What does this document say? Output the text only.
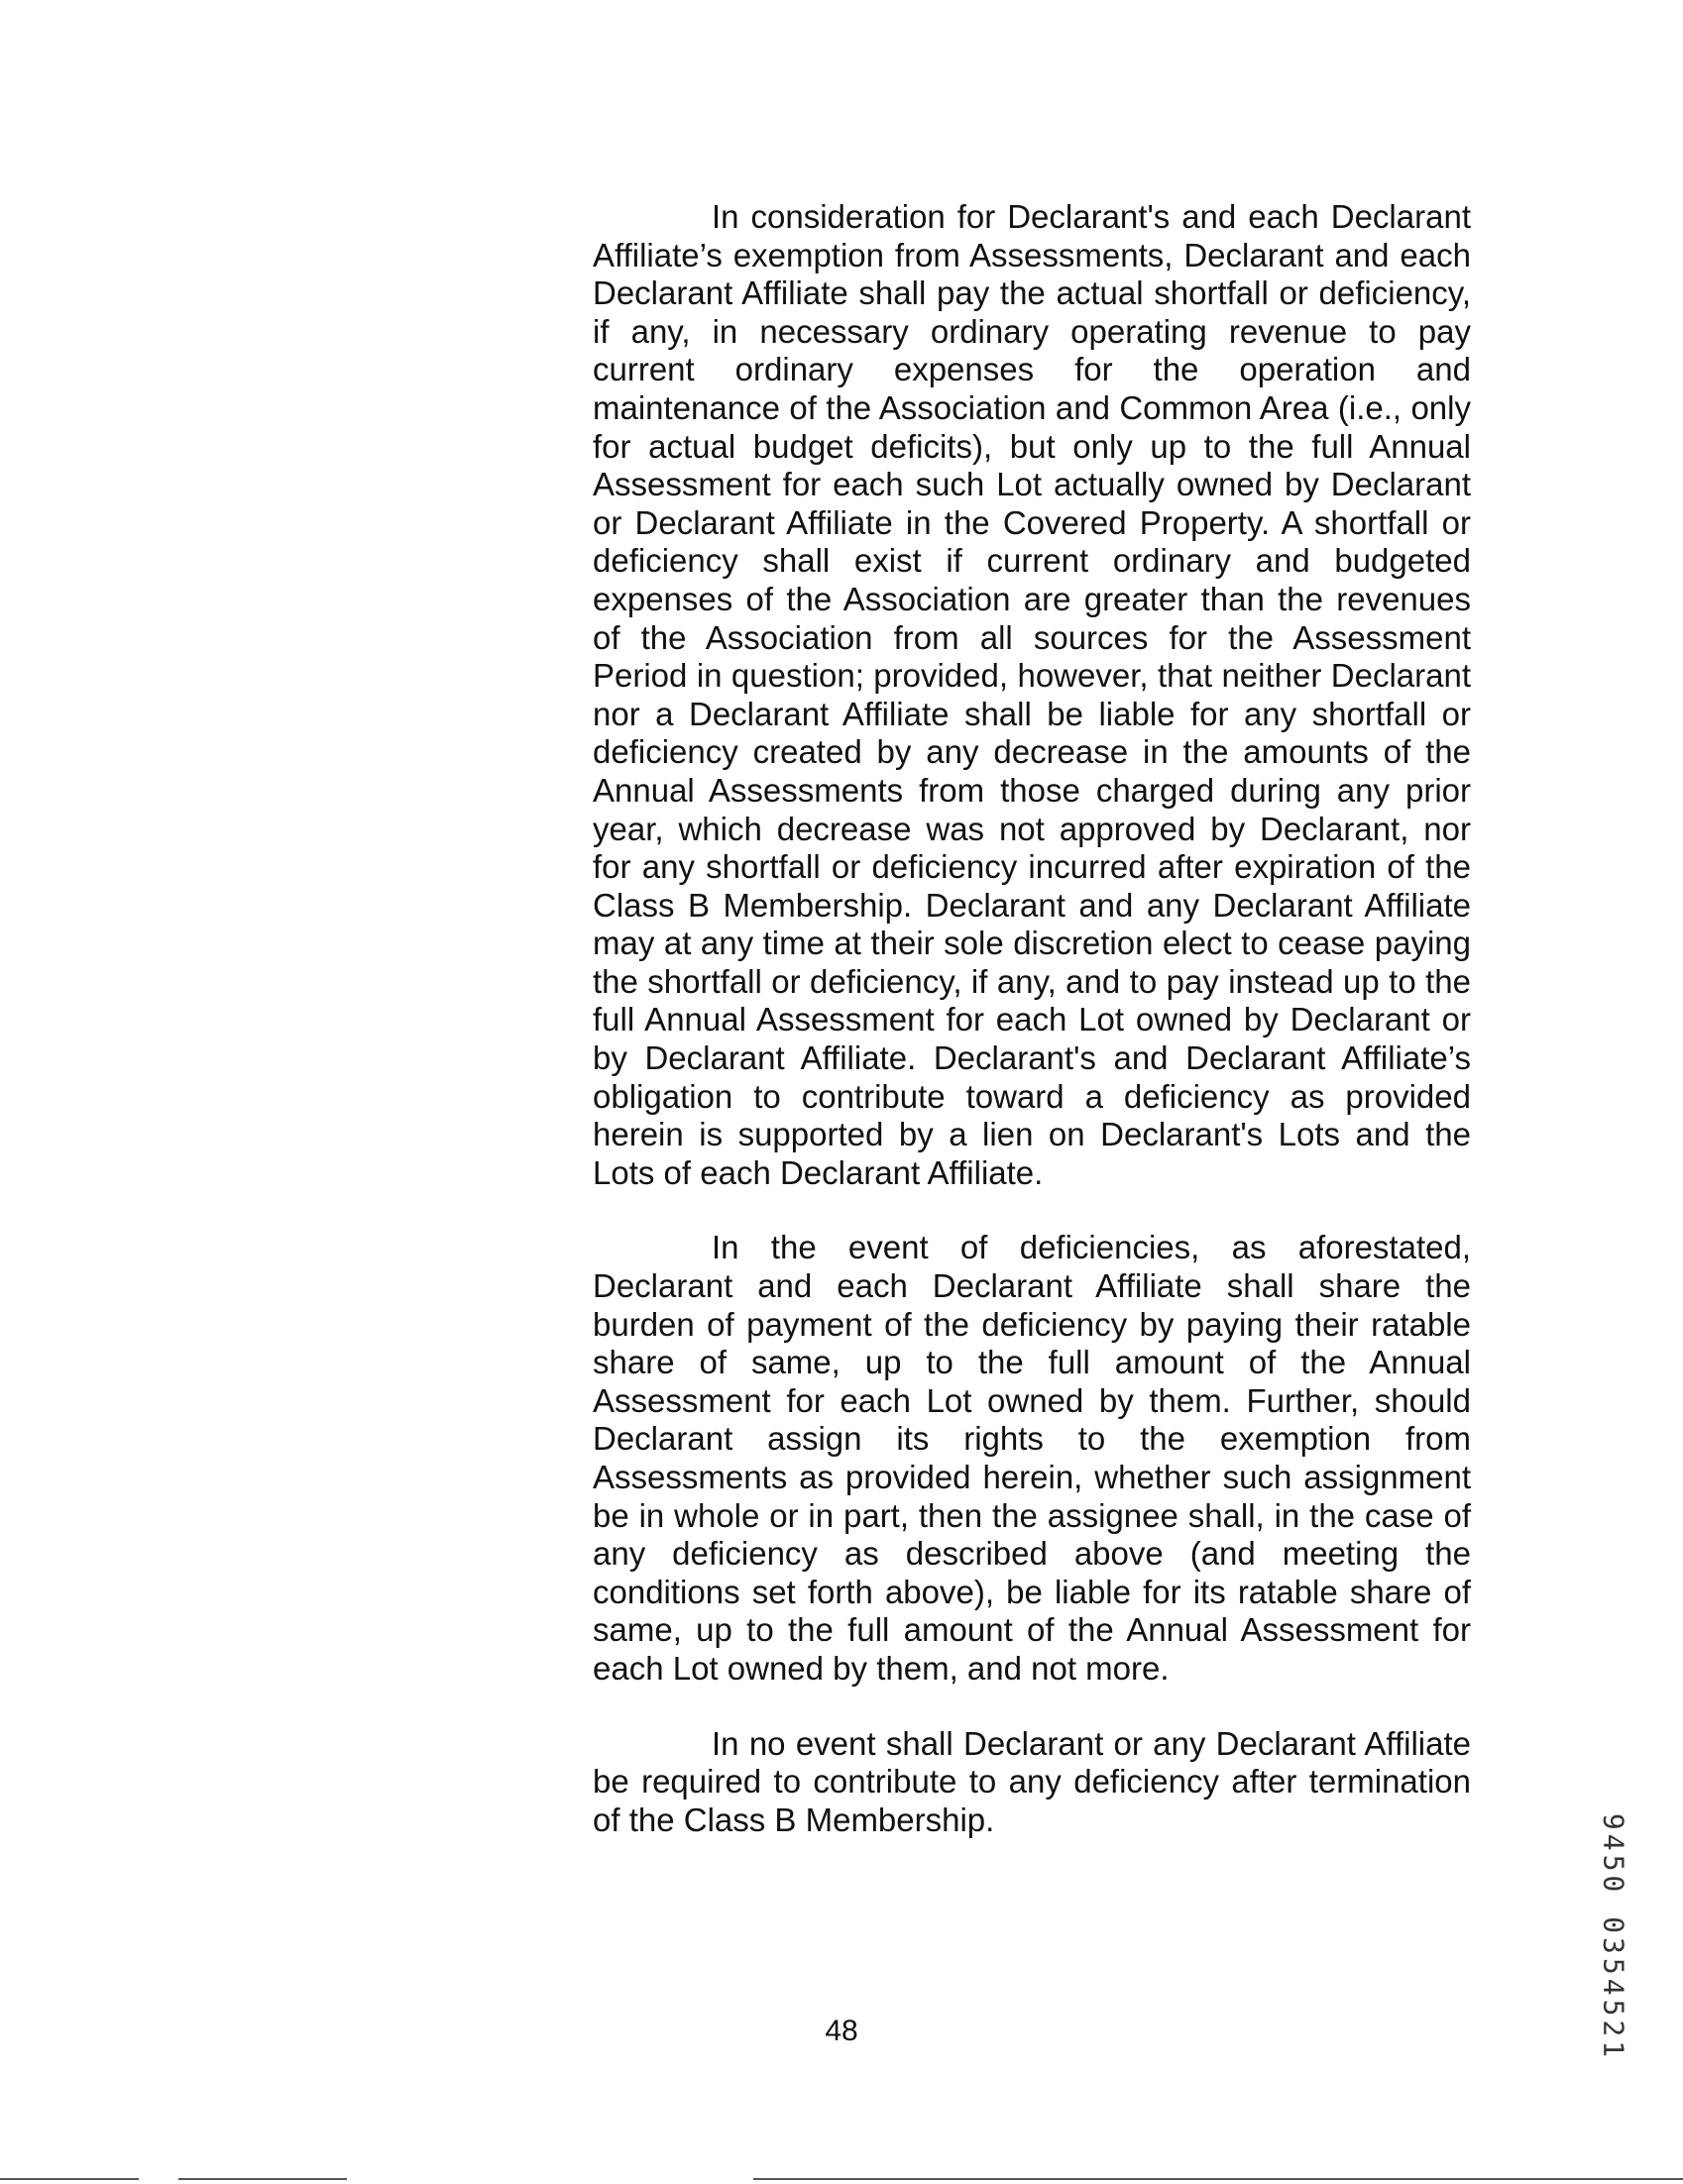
In consideration for Declarant's and each Declarant Affiliate’s exemption from Assessments, Declarant and each Declarant Affiliate shall pay the actual shortfall or deficiency, if any, in necessary ordinary operating revenue to pay current ordinary expenses for the operation and maintenance of the Association and Common Area (i.e., only for actual budget deficits), but only up to the full Annual Assessment for each such Lot actually owned by Declarant or Declarant Affiliate in the Covered Property. A shortfall or deficiency shall exist if current ordinary and budgeted expenses of the Association are greater than the revenues of the Association from all sources for the Assessment Period in question; provided, however, that neither Declarant nor a Declarant Affiliate shall be liable for any shortfall or deficiency created by any decrease in the amounts of the Annual Assessments from those charged during any prior year, which decrease was not approved by Declarant, nor for any shortfall or deficiency incurred after expiration of the Class B Membership. Declarant and any Declarant Affiliate may at any time at their sole discretion elect to cease paying the shortfall or deficiency, if any, and to pay instead up to the full Annual Assessment for each Lot owned by Declarant or by Declarant Affiliate. Declarant's and Declarant Affiliate’s obligation to contribute toward a deficiency as provided herein is supported by a lien on Declarant's Lots and the Lots of each Declarant Affiliate.

In the event of deficiencies, as aforestated, Declarant and each Declarant Affiliate shall share the burden of payment of the deficiency by paying their ratable share of same, up to the full amount of the Annual Assessment for each Lot owned by them. Further, should Declarant assign its rights to the exemption from Assessments as provided herein, whether such assignment be in whole or in part, then the assignee shall, in the case of any deficiency as described above (and meeting the conditions set forth above), be liable for its ratable share of same, up to the full amount of the Annual Assessment for each Lot owned by them, and not more.

In no event shall Declarant or any Declarant Affiliate be required to contribute to any deficiency after termination of the Class B Membership.	9450 0354521
48
